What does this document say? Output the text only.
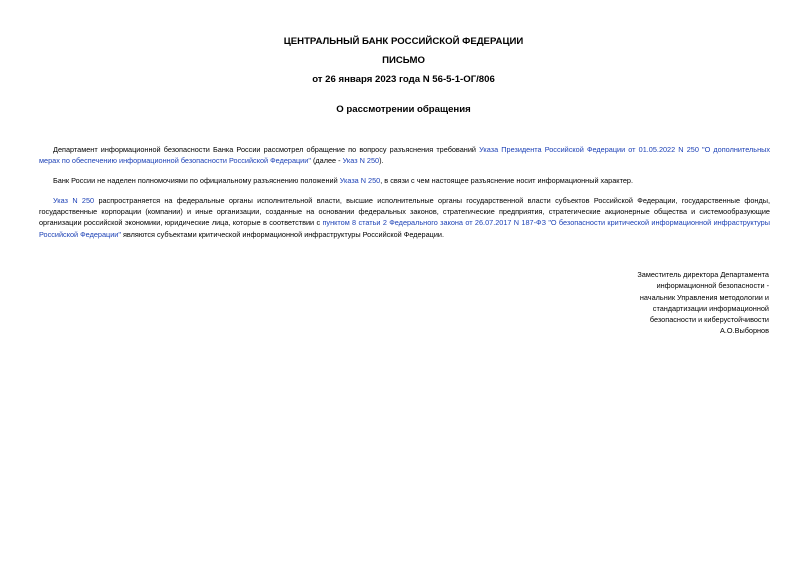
ЦЕНТРАЛЬНЫЙ БАНК РОССИЙСКОЙ ФЕДЕРАЦИИ
ПИСЬМО
от 26 января 2023 года N 56-5-1-ОГ/806
О рассмотрении обращения

Департамент информационной безопасности Банка России рассмотрел обращение по вопросу разъяснения требований Указа Президента Российской Федерации от 01.05.2022 N 250 "О дополнительных мерах по обеспечению информационной безопасности Российской Федерации" (далее - Указ N 250).

Банк России не наделен полномочиями по официальному разъяснению положений Указа N 250, в связи с чем настоящее разъяснение носит информационный характер.

Указ N 250 распространяется на федеральные органы исполнительной власти, высшие исполнительные органы государственной власти субъектов Российской Федерации, государственные фонды, государственные корпорации (компании) и иные организации, созданные на основании федеральных законов, стратегические предприятия, стратегические акционерные общества и системообразующие организации российской экономики, юридические лица, которые в соответствии с пунктом 8 статьи 2 Федерального закона от 26.07.2017 N 187-ФЗ "О безопасности критической информационной инфраструктуры Российской Федерации" являются субъектами критической информационной инфраструктуры Российской Федерации.

Заместитель директора Департамента
информационной безопасности -
начальник Управления методологии и
стандартизации информационной
безопасности и киберустойчивости
А.О.Выборнов
